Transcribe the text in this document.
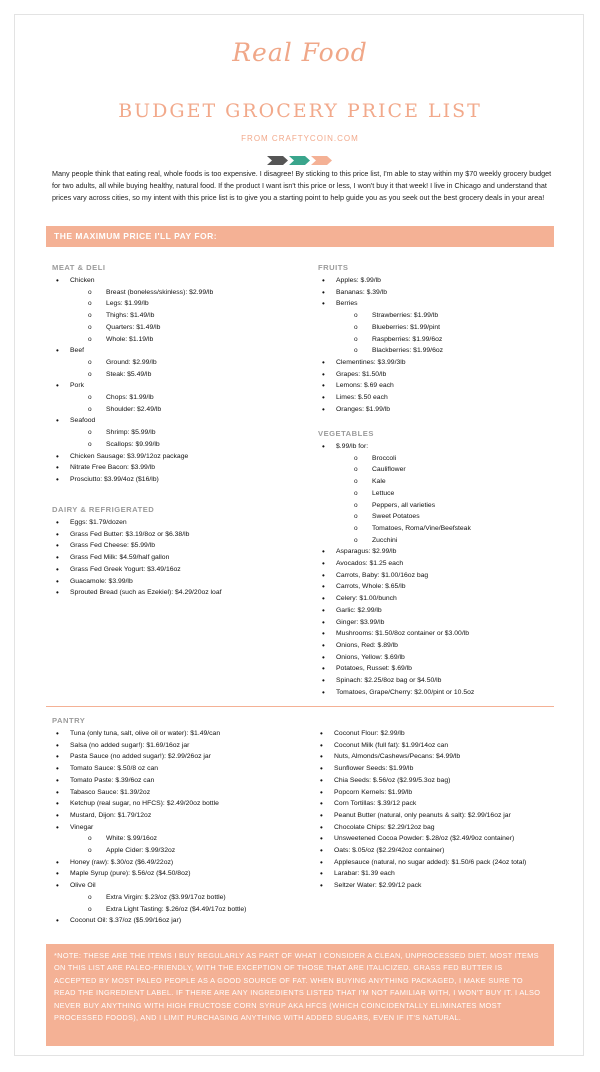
Real Food
BUDGET GROCERY PRICE LIST
FROM CRAFTYCOIN.COM

Many people think that eating real, whole foods is too expensive. I disagree! By sticking to this price list, I'm able to stay within my $70 weekly grocery budget for two adults, all while buying healthy, natural food. If the product I want isn't this price or less, I won't buy it that week! I live in Chicago and understand that prices vary across cities, so my intent with this price list is to give you a starting point to help guide you as you seek out the best grocery deals in your area!

THE MAXIMUM PRICE I'LL PAY FOR:
MEAT & DELI
• Chicken
o Breast (boneless/skinless): $2.99/lb
o Legs: $1.99/lb
o Thighs: $1.49/lb
o Quarters: $1.49/lb
o Whole: $1.19/lb
• Beef
o Ground: $2.99/lb
o Steak: $5.49/lb
• Pork
o Chops: $1.99/lb
o Shoulder: $2.49/lb
• Seafood
o Shrimp: $5.99/lb
o Scallops: $9.99/lb
• Chicken Sausage: $3.99/12oz package
• Nitrate Free Bacon: $3.99/lb
• Prosciutto: $3.99/4oz ($16/lb)
DAIRY & REFRIGERATED
• Eggs: $1.79/dozen
• Grass Fed Butter: $3.19/8oz or $6.38/lb
• Grass Fed Cheese: $5.99/lb
• Grass Fed Milk: $4.59/half gallon
• Grass Fed Greek Yogurt: $3.49/16oz
• Guacamole: $3.99/lb
• Sprouted Bread (such as Ezekiel): $4.29/20oz loaf
FRUITS
• Apples: $.99/lb
• Bananas: $.39/lb
• Berries
o Strawberries: $1.99/lb
o Blueberries: $1.99/pint
o Raspberries: $1.99/6oz
o Blackberries: $1.99/6oz
• Clementines: $3.99/3lb
• Grapes: $1.50/lb
• Lemons: $.69 each
• Limes: $.50 each
• Oranges: $1.99/lb
VEGETABLES
• $.99/lb for:
o Broccoli
o Cauliflower
o Kale
o Lettuce
o Peppers, all varieties
o Sweet Potatoes
o Tomatoes, Roma/Vine/Beefsteak
o Zucchini
• Asparagus: $2.99/lb
• Avocados: $1.25 each
• Carrots, Baby: $1.00/16oz bag
• Carrots, Whole: $.65/lb
• Celery: $1.00/bunch
• Garlic: $2.99/lb
• Ginger: $3.99/lb
• Mushrooms: $1.50/8oz container or $3.00/lb
• Onions, Red: $.89/lb
• Onions, Yellow: $.69/lb
• Potatoes, Russet: $.69/lb
• Spinach: $2.25/8oz bag or $4.50/lb
• Tomatoes, Grape/Cherry: $2.00/pint or 10.5oz
PANTRY
• Tuna (only tuna, salt, olive oil or water): $1.49/can
• Salsa (no added sugar!): $1.69/16oz jar
• Pasta Sauce (no added sugar!): $2.99/26oz jar
• Tomato Sauce: $.50/8 oz can
• Tomato Paste: $.39/6oz can
• Tabasco Sauce: $1.39/2oz
• Ketchup (real sugar, no HFCS): $2.49/20oz bottle
• Mustard, Dijon: $1.79/12oz
• Vinegar
o White: $.99/16oz
o Apple Cider: $.99/32oz
• Honey (raw): $.30/oz ($6.49/22oz)
• Maple Syrup (pure): $.56/oz ($4.50/8oz)
• Olive Oil
o Extra Virgin: $.23/oz ($3.99/17oz bottle)
o Extra Light Tasting: $.26/oz ($4.49/17oz bottle)
• Coconut Oil: $.37/oz ($5.99/16oz jar)
• Coconut Flour: $2.99/lb
• Coconut Milk (full fat): $1.99/14oz can
• Nuts, Almonds/Cashews/Pecans: $4.99/lb
• Sunflower Seeds: $1.99/lb
• Chia Seeds: $.56/oz ($2.99/5.3oz bag)
• Popcorn Kernels: $1.99/lb
• Corn Tortillas: $.39/12 pack
• Peanut Butter (natural, only peanuts & salt): $2.99/16oz jar
• Chocolate Chips: $2.29/12oz bag
• Unsweetened Cocoa Powder: $.28/oz ($2.49/9oz container)
• Oats: $.05/oz ($2.29/42oz container)
• Applesauce (natural, no sugar added): $1.50/6 pack (24oz total)
• Larabar: $1.39 each
• Seltzer Water: $2.99/12 pack

*NOTE: THESE ARE THE ITEMS I BUY REGULARLY AS PART OF WHAT I CONSIDER A CLEAN, UNPROCESSED DIET. MOST ITEMS ON THIS LIST ARE PALEO-FRIENDLY, WITH THE EXCEPTION OF THOSE THAT ARE ITALICIZED. GRASS FED BUTTER IS ACCEPTED BY MOST PALEO PEOPLE AS A GOOD SOURCE OF FAT. WHEN BUYING ANYTHING PACKAGED, I MAKE SURE TO READ THE INGREDIENT LABEL. IF THERE ARE ANY INGREDIENTS LISTED THAT I'M NOT FAMILIAR WITH, I WON'T BUY IT. I ALSO NEVER BUY ANYTHING WITH HIGH FRUCTOSE CORN SYRUP AKA HFCS (WHICH COINCIDENTALLY ELIMINATES MOST PROCESSED FOODS), AND I LIMIT PURCHASING ANYTHING WITH ADDED SUGARS, EVEN IF IT'S NATURAL.
